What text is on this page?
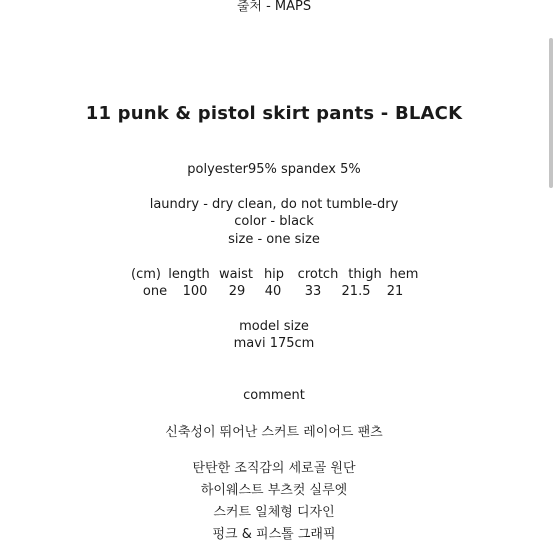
출처 - MAPS
11 punk & pistol skirt pants - BLACK
polyester95% spandex 5%
laundry - dry clean, do not tumble-dry
color - black
size - one size
(cm) length waist hip crotch thigh hem
one 100 29 40 33 21.5 21
model size
mavi 175cm
comment
신축성이 뛰어난 스커트 레이어드 팬츠
탄탄한 조직감의 세로골 원단
하이웨스트 부츠컷 실루엣
스커트 일체형 디자인
펑크 & 피스톨 그래픽
